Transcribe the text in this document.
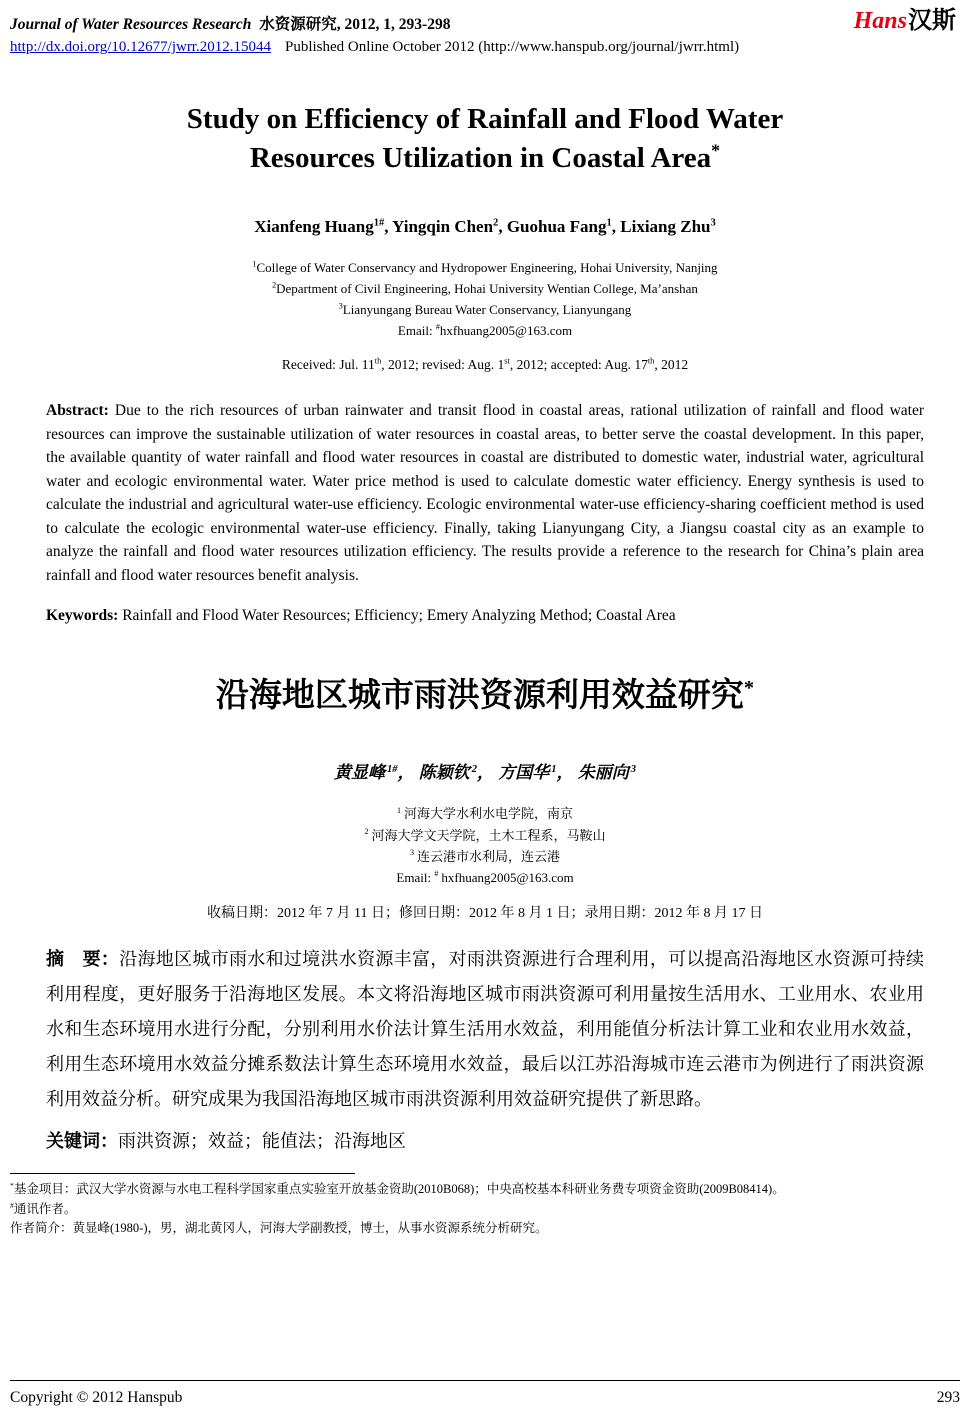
Journal of Water Resources Research 水资源研究, 2012, 1, 293-298	Hans汉斯
http://dx.doi.org/10.12677/jwrr.2012.15044 Published Online October 2012 (http://www.hanspub.org/journal/jwrr.html)
Study on Efficiency of Rainfall and Flood Water
Resources Utilization in Coastal Area*
Xianfeng Huang$^{1\#}$, Yingqin Chen$^2$, Guohua Fang$^1$, Lixiang Zhu$^3$
$^1$College of Water Conservancy and Hydropower Engineering, Hohai University, Nanjing
$^2$Department of Civil Engineering, Hohai University Wentian College, Ma’anshan
$^3$Lianyungang Bureau Water Conservancy, Lianyungang
Email: #hxfhuang2005@163.com
Received: Jul. 11th, 2012; revised: Aug. 1st, 2012; accepted: Aug. 17th, 2012

Abstract: Due to the rich resources of urban rainwater and transit flood in coastal areas, rational utilization of rainfall and flood water resources can improve the sustainable utilization of water resources in coastal areas, to better serve the coastal development. In this paper, the available quantity of water rainfall and flood water resources in coastal are distributed to domestic water, industrial water, agricultural water and ecologic environmental water. Water price method is used to calculate domestic water efficiency. Energy synthesis is used to calculate the industrial and agricultural water-use efficiency. Ecologic environmental water-use efficiency-sharing coefficient method is used to calculate the ecologic environmental water-use efficiency. Finally, taking Lianyungang City, a Jiangsu coastal city as an example to analyze the rainfall and flood water resources utilization efficiency. The results provide a reference to the research for China’s plain area rainfall and flood water resources benefit analysis.

Keywords: Rainfall and Flood Water Resources; Efficiency; Emery Analyzing Method; Coastal Area

沿海地区城市雨洪资源利用效益研究*
黄显峰 $^{1\#}$， 陈颖钦 $^2$， 方国华 $^1$， 朱丽向 $^3$
$^1$ 河海大学水利水电学院，南京
$^2$ 河海大学文天学院，土木工程系，马鞍山
$^3$ 连云港市水利局，连云港
Email: # hxfhuang2005@163.com
收稿日期：2012 年 7 月 11 日；修回日期：2012 年 8 月 1 日；录用日期：2012 年 8 月 17 日

摘　要：沿海地区城市雨水和过境洪水资源丰富，对雨洪资源进行合理利用，可以提高沿海地区水资源可持续利用程度，更好服务于沿海地区发展。本文将沿海地区城市雨洪资源可利用量按生活用水、工业用水、农业用水和生态环境用水进行分配，分别利用水价法计算生活用水效益，利用能值分析法计算工业和农业用水效益，利用生态环境用水效益分摊系数法计算生态环境用水效益，最后以江苏沿海城市连云港市为例进行了雨洪资源利用效益分析。研究成果为我国沿海地区城市雨洪资源利用效益研究提供了新思路。

关键词：雨洪资源；效益；能值法；沿海地区

*基金项目：武汉大学水资源与水电工程科学国家重点实验室开放基金资助(2010B068)；中央高校基本科研业务费专项资金资助(2009B08414)。

#通讯作者。

作者简介：黄显峰(1980-)，男，湖北黄冈人，河海大学副教授，博士，从事水资源系统分析研究。

Copyright © 2012 Hanspub	293
